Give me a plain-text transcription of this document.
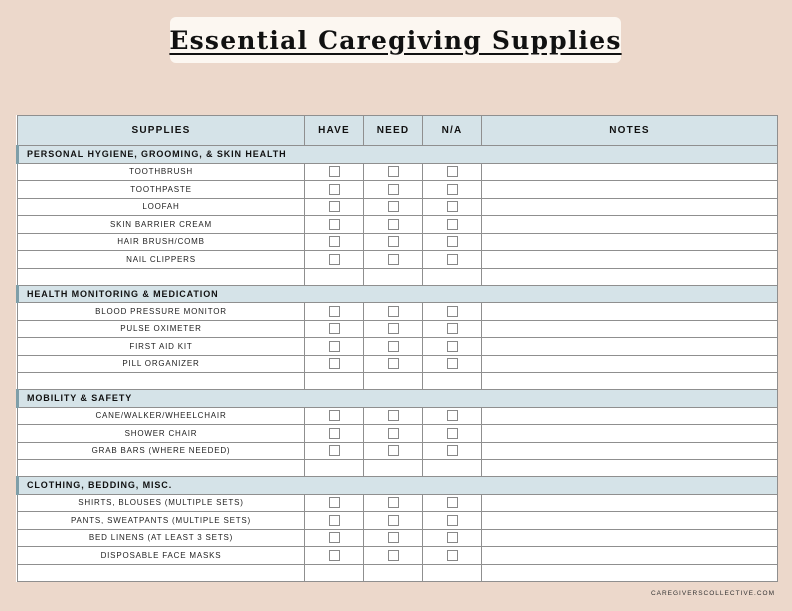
Essential Caregiving Supplies
SUPPLIES	HAVE	NEED	N/A	NOTES
PERSONAL HYGIENE, GROOMING, & SKIN HEALTH				
TOOTHBRUSH				
TOOTHPASTE				
LOOFAH				
SKIN BARRIER CREAM				
HAIR BRUSH/COMB				
NAIL CLIPPERS				

HEALTH MONITORING & MEDICATION				
BLOOD PRESSURE MONITOR				
PULSE OXIMETER				
FIRST AID KIT				
PILL ORGANIZER				

MOBILITY & SAFETY				
CANE/WALKER/WHEELCHAIR				
SHOWER CHAIR				
GRAB BARS (WHERE NEEDED)				

CLOTHING, BEDDING, MISC.				
SHIRTS, BLOUSES (MULTIPLE SETS)				
PANTS, SWEATPANTS (MULTIPLE SETS)				
BED LINENS (AT LEAST 3 SETS)				
DISPOSABLE FACE MASKS				

CAREGIVERSCOLLECTIVE.COM
